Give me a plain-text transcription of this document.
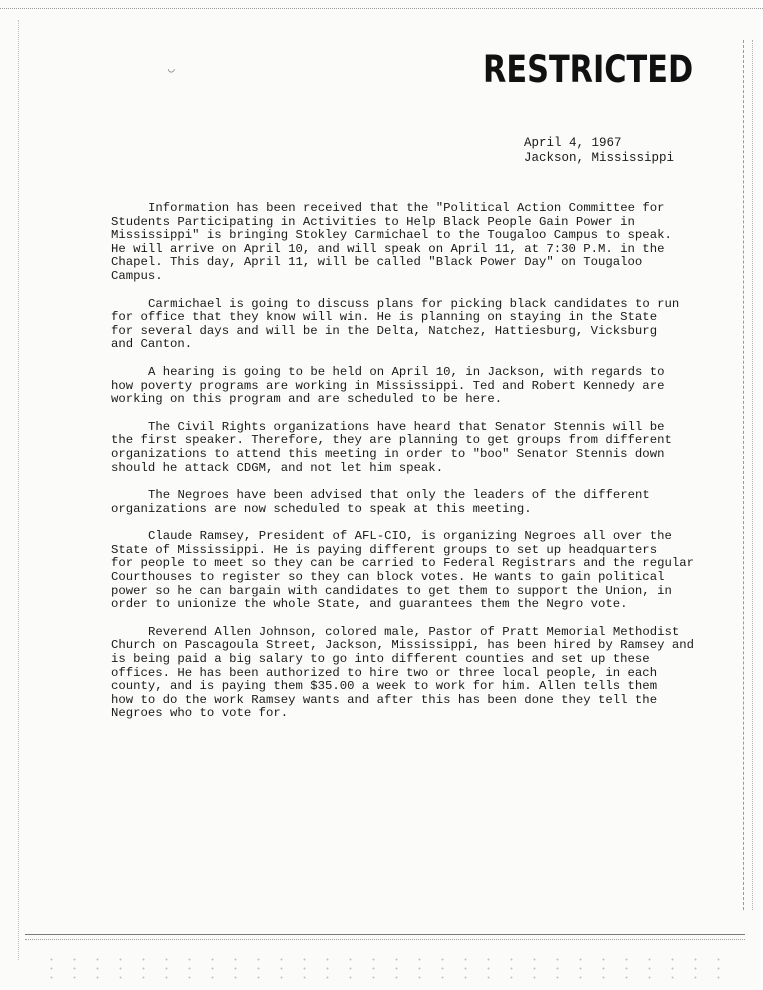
◡	RESTRICTED
April 4, 1967
Jackson, Mississippi
Information has been received that the "Political Action Committee for
Students Participating in Activities to Help Black People Gain Power in
Mississippi" is bringing Stokley Carmichael to the Tougaloo Campus to speak.
He will arrive on April 10, and will speak on April 11, at 7:30 P.M. in the
Chapel. This day, April 11, will be called "Black Power Day" on Tougaloo
Campus.
Carmichael is going to discuss plans for picking black candidates to run
for office that they know will win. He is planning on staying in the State
for several days and will be in the Delta, Natchez, Hattiesburg, Vicksburg
and Canton.
A hearing is going to be held on April 10, in Jackson, with regards to
how poverty programs are working in Mississippi. Ted and Robert Kennedy are
working on this program and are scheduled to be here.
The Civil Rights organizations have heard that Senator Stennis will be
the first speaker. Therefore, they are planning to get groups from different
organizations to attend this meeting in order to "boo" Senator Stennis down
should he attack CDGM, and not let him speak.
The Negroes have been advised that only the leaders of the different
organizations are now scheduled to speak at this meeting.
Claude Ramsey, President of AFL-CIO, is organizing Negroes all over the
State of Mississippi. He is paying different groups to set up headquarters
for people to meet so they can be carried to Federal Registrars and the regular
Courthouses to register so they can block votes. He wants to gain political
power so he can bargain with candidates to get them to support the Union, in
order to unionize the whole State, and guarantees them the Negro vote.
Reverend Allen Johnson, colored male, Pastor of Pratt Memorial Methodist
Church on Pascagoula Street, Jackson, Mississippi, has been hired by Ramsey and
is being paid a big salary to go into different counties and set up these
offices. He has been authorized to hire two or three local people, in each
county, and is paying them $35.00 a week to work for him. Allen tells them
how to do the work Ramsey wants and after this has been done they tell the
Negroes who to vote for.
